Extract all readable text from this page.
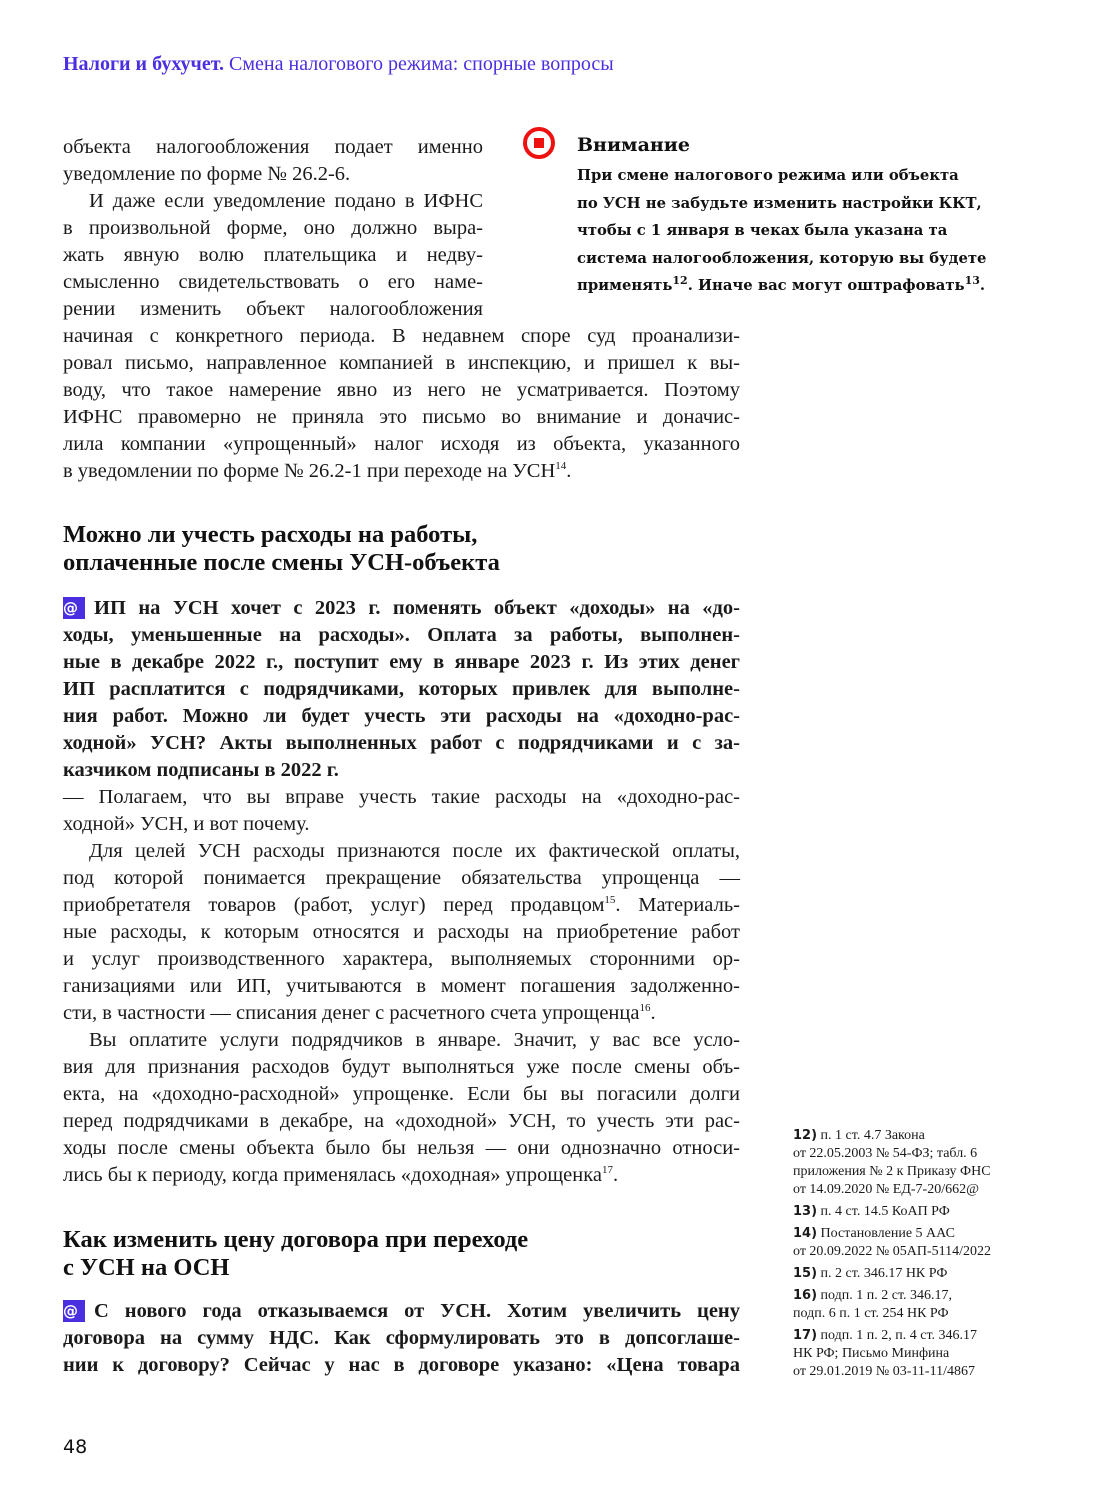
Налоги и бухучет. Смена налогового режима: спорные вопросы
объекта налогообложения подает именно
уведомление по форме № 26.2-6.
И даже если уведомление подано в ИФНС
в произвольной форме, оно должно выра-
жать явную волю плательщика и недву-
смысленно свидетельствовать о его наме-
рении изменить объект налогообложения
начиная с конкретного периода. В недавнем споре суд проанализи-
ровал письмо, направленное компанией в инспекцию, и пришел к вы-
воду, что такое намерение явно из него не усматривается. Поэтому
ИФНС правомерно не приняла это письмо во внимание и доначис-
лила компании «упрощенный» налог исходя из объекта, указанного
в уведомлении по форме № 26.2-1 при переходе на УСН$^{14}$.
Внимание
При смене налогового режима или объекта
по УСН не забудьте изменить настройки ККТ,
чтобы с 1 января в чеках была указана та
система налогообложения, которую вы будете
применять$^{12}$. Иначе вас могут оштрафовать$^{13}$.
Можно ли учесть расходы на работы,
оплаченные после смены УСН-объекта
@ ИП на УСН хочет с 2023 г. поменять объект «доходы» на «до-
ходы, уменьшенные на расходы». Оплата за работы, выполнен-
ные в декабре 2022 г., поступит ему в январе 2023 г. Из этих денег
ИП расплатится с подрядчиками, которых привлек для выполне-
ния работ. Можно ли будет учесть эти расходы на «доходно-рас-
ходной» УСН? Акты выполненных работ с подрядчиками и с за-
казчиком подписаны в 2022 г.
— Полагаем, что вы вправе учесть такие расходы на «доходно-рас-
ходной» УСН, и вот почему.
Для целей УСН расходы признаются после их фактической оплаты,
под которой понимается прекращение обязательства упрощенца —
приобретателя товаров (работ, услуг) перед продавцом$^{15}$. Материаль-
ные расходы, к которым относятся и расходы на приобретение работ
и услуг производственного характера, выполняемых сторонними ор-
ганизациями или ИП, учитываются в момент погашения задолженно-
сти, в частности — списания денег с расчетного счета упрощенца$^{16}$.
Вы оплатите услуги подрядчиков в январе. Значит, у вас все усло-
вия для признания расходов будут выполняться уже после смены объ-
екта, на «доходно-расходной» упрощенке. Если бы вы погасили долги
перед подрядчиками в декабре, на «доходной» УСН, то учесть эти рас-
ходы после смены объекта было бы нельзя — они однозначно относи-
лись бы к периоду, когда применялась «доходная» упрощенка$^{17}$.
Как изменить цену договора при переходе
с УСН на ОСН
@ С нового года отказываемся от УСН. Хотим увеличить цену
договора на сумму НДС. Как сформулировать это в допсоглаше-
нии к договору? Сейчас у нас в договоре указано: «Цена товара
12) п. 1 ст. 4.7 Закона
от 22.05.2003 № 54-ФЗ; табл. 6
приложения № 2 к Приказу ФНС
от 14.09.2020 № ЕД-7-20/662@
13) п. 4 ст. 14.5 КоАП РФ
14) Постановление 5 ААС
от 20.09.2022 № 05АП-5114/2022
15) п. 2 ст. 346.17 НК РФ
16) подп. 1 п. 2 ст. 346.17,
подп. 6 п. 1 ст. 254 НК РФ
17) подп. 1 п. 2, п. 4 ст. 346.17
НК РФ; Письмо Минфина
от 29.01.2019 № 03-11-11/4867
48
